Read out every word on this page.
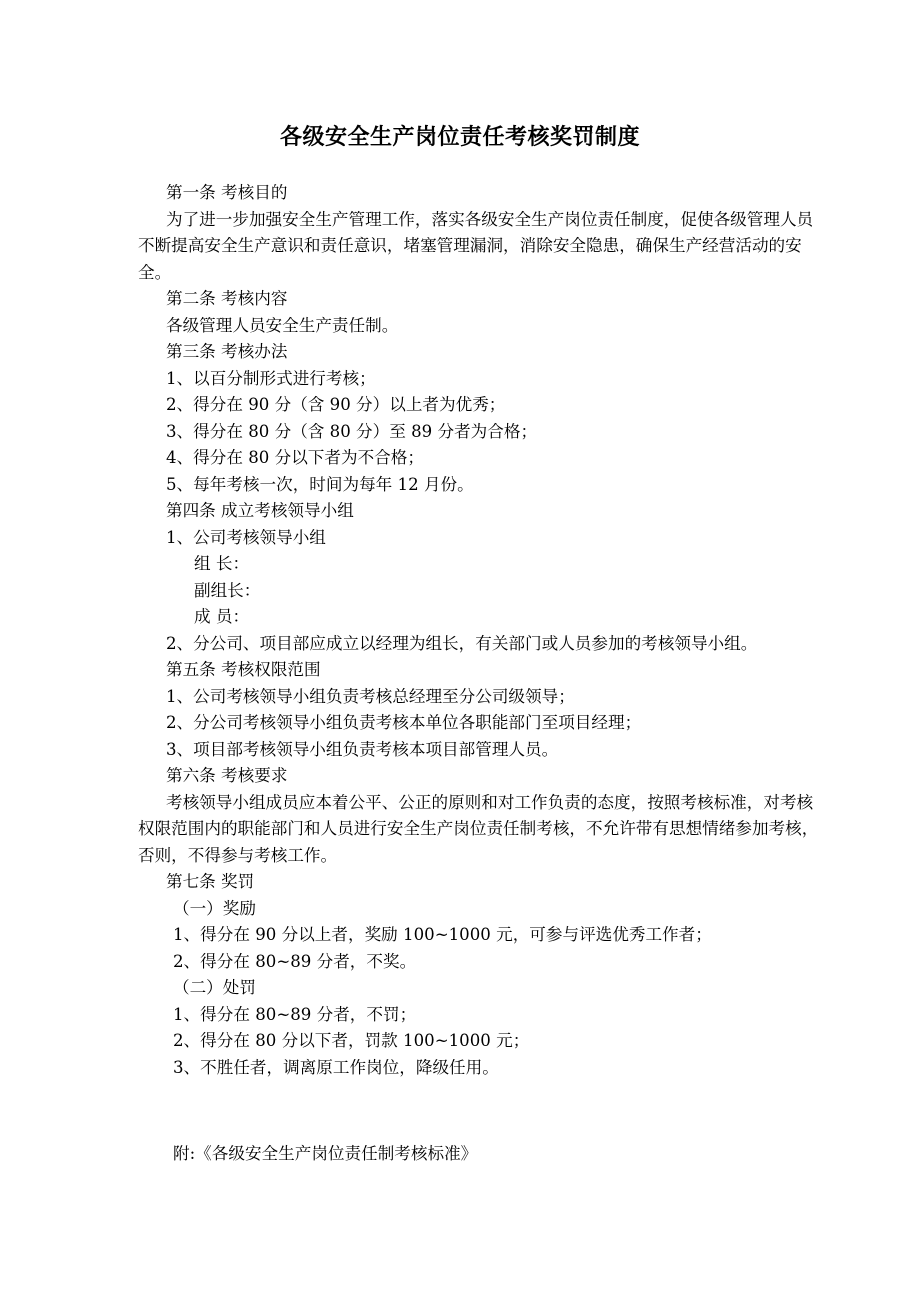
各级安全生产岗位责任考核奖罚制度

第一条 考核目的

为了进一步加强安全生产管理工作，落实各级安全生产岗位责任制度，促使各级管理人员不断提高安全生产意识和责任意识，堵塞管理漏洞，消除安全隐患，确保生产经营活动的安全。

第二条 考核内容

各级管理人员安全生产责任制。

第三条 考核办法

1、以百分制形式进行考核；

2、得分在 90 分（含 90 分）以上者为优秀；

3、得分在 80 分（含 80 分）至 89 分者为合格；

4、得分在 80 分以下者为不合格；

5、每年考核一次，时间为每年 12 月份。

第四条 成立考核领导小组

1、公司考核领导小组

组 长：

副组长：

成 员：

2、分公司、项目部应成立以经理为组长，有关部门或人员参加的考核领导小组。

第五条 考核权限范围

1、公司考核领导小组负责考核总经理至分公司级领导；

2、分公司考核领导小组负责考核本单位各职能部门至项目经理；

3、项目部考核领导小组负责考核本项目部管理人员。

第六条 考核要求

考核领导小组成员应本着公平、公正的原则和对工作负责的态度，按照考核标准，对考核权限范围内的职能部门和人员进行安全生产岗位责任制考核，不允许带有思想情绪参加考核，否则，不得参与考核工作。

第七条 奖罚

（一）奖励

1、得分在 90 分以上者，奖励 100~1000 元，可参与评选优秀工作者；

2、得分在 80~89 分者，不奖。

（二）处罚

1、得分在 80~89 分者，不罚；

2、得分在 80 分以下者，罚款 100~1000 元；

3、不胜任者，调离原工作岗位，降级任用。

附:《各级安全生产岗位责任制考核标准》
